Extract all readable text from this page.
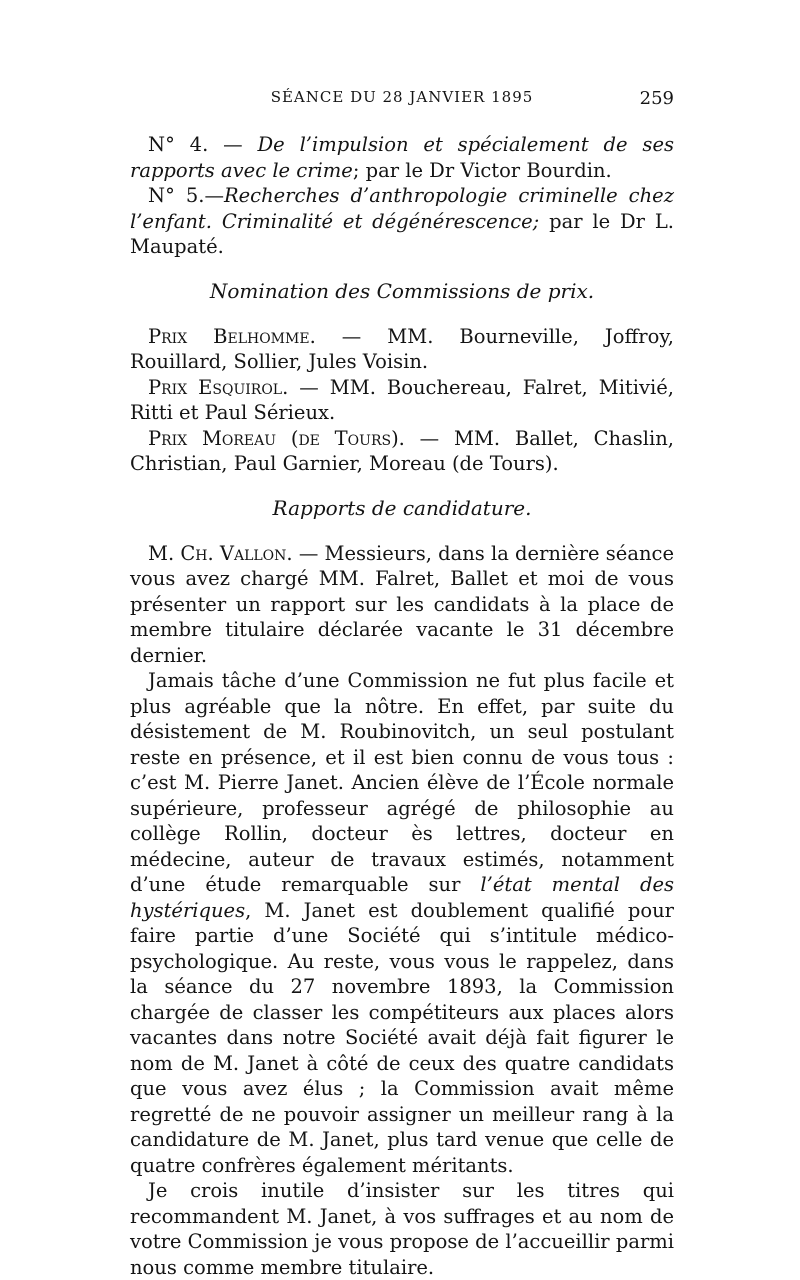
SÉANCE DU 28 JANVIER 1895	259

N° 4. — De l’impulsion et spécialement de ses rapports avec le crime; par le Dr Victor Bourdin.

N° 5.—Recherches d’anthropologie criminelle chez l’enfant. Criminalité et dégénérescence; par le Dr L. Maupaté.

Nomination des Commissions de prix.

Prix Belhomme. — MM. Bourneville, Joffroy, Rouillard, Sollier, Jules Voisin.

Prix Esquirol. — MM. Bouchereau, Falret, Mitivié, Ritti et Paul Sérieux.

Prix Moreau (de Tours). — MM. Ballet, Chaslin, Christian, Paul Garnier, Moreau (de Tours).

Rapports de candidature.

M. Ch. Vallon. — Messieurs, dans la dernière séance vous avez chargé MM. Falret, Ballet et moi de vous présenter un rapport sur les candidats à la place de membre titulaire déclarée vacante le 31 décembre dernier.

Jamais tâche d’une Commission ne fut plus facile et plus agréable que la nôtre. En effet, par suite du désistement de M. Roubinovitch, un seul postulant reste en présence, et il est bien connu de vous tous : c’est M. Pierre Janet. Ancien élève de l’École normale supérieure, professeur agrégé de philosophie au collège Rollin, docteur ès lettres, docteur en médecine, auteur de travaux estimés, notamment d’une étude remarquable sur l’état mental des hystériques, M. Janet est doublement qualifié pour faire partie d’une Société qui s’intitule médico-psychologique. Au reste, vous vous le rappelez, dans la séance du 27 novembre 1893, la Commission chargée de classer les compétiteurs aux places alors vacantes dans notre Société avait déjà fait figurer le nom de M. Janet à côté de ceux des quatre candidats que vous avez élus ; la Commission avait même regretté de ne pouvoir assigner un meilleur rang à la candidature de M. Janet, plus tard venue que celle de quatre confrères également méritants.

Je crois inutile d’insister sur les titres qui recommandent M. Janet, à vos suffrages et au nom de votre Commission je vous propose de l’accueillir parmi nous comme membre titulaire.
